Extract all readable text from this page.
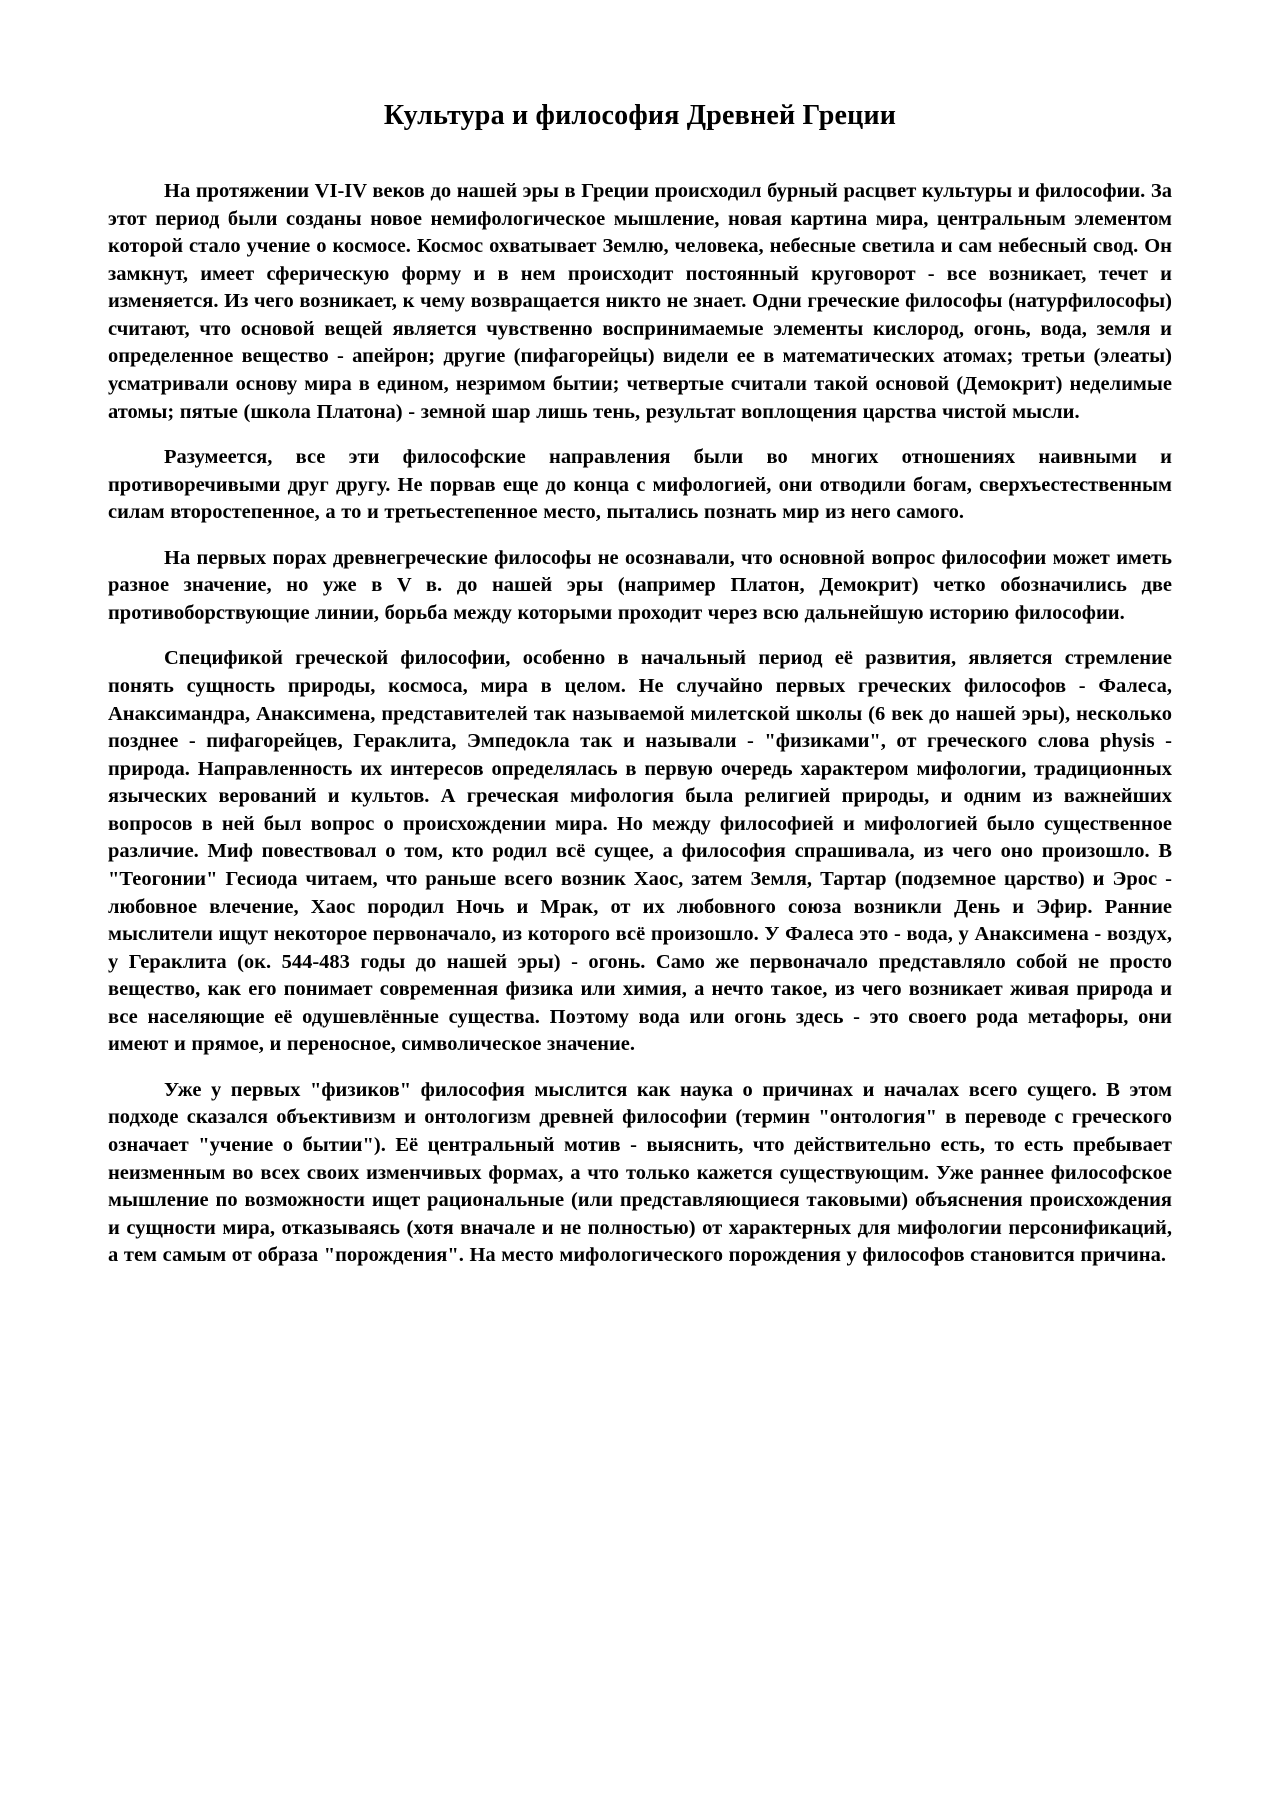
Культура и философия Древней Греции

На протяжении VI-IV веков до нашей эры в Греции происходил бурный расцвет культуры и философии. За этот период были созданы новое немифологическое мышление, новая картина мира, центральным элементом которой стало учение о космосе. Космос охватывает Землю, человека, небесные светила и сам небесный свод. Он замкнут, имеет сферическую форму и в нем происходит постоянный круговорот - все возникает, течет и изменяется. Из чего возникает, к чему возвращается никто не знает. Одни греческие философы (натурфилософы) считают, что основой вещей является чувственно воспринимаемые элементы кислород, огонь, вода, земля и определенное вещество - апейрон; другие (пифагорейцы) видели ее в математических атомах; третьи (элеаты) усматривали основу мира в едином, незримом бытии; четвертые считали такой основой (Демокрит) неделимые атомы; пятые (школа Платона) - земной шар лишь тень, результат воплощения царства чистой мысли.

Разумеется, все эти философские направления были во многих отношениях наивными и противоречивыми друг другу. Не порвав еще до конца с мифологией, они отводили богам, сверхъестественным силам второстепенное, а то и третьестепенное место, пытались познать мир из него самого.

На первых порах древнегреческие философы не осознавали, что основной вопрос философии может иметь разное значение, но уже в V в. до нашей эры (например Платон, Демокрит) четко обозначились две противоборствующие линии, борьба между которыми проходит через всю дальнейшую историю философии.

Спецификой греческой философии, особенно в начальный период её развития, является стремление понять сущность природы, космоса, мира в целом. Не случайно первых греческих философов - Фалеса, Анаксимандра, Анаксимена, представителей так называемой милетской школы (6 век до нашей эры), несколько позднее - пифагорейцев, Гераклита, Эмпедокла так и называли - "физиками", от греческого слова physis - природа. Направленность их интересов определялась в первую очередь характером мифологии, традиционных языческих верований и культов. А греческая мифология была религией природы, и одним из важнейших вопросов в ней был вопрос о происхождении мира. Но между философией и мифологией было существенное различие. Миф повествовал о том, кто родил всё сущее, а философия спрашивала, из чего оно произошло. В "Теогонии" Гесиода читаем, что раньше всего возник Хаос, затем Земля, Тартар (подземное царство) и Эрос - любовное влечение, Хаос породил Ночь и Мрак, от их любовного союза возникли День и Эфир. Ранние мыслители ищут некоторое первоначало, из которого всё произошло. У Фалеса это - вода, у Анаксимена - воздух, у Гераклита (ок. 544-483 годы до нашей эры) - огонь. Само же первоначало представляло собой не просто вещество, как его понимает современная физика или химия, а нечто такое, из чего возникает живая природа и все населяющие её одушевлённые существа. Поэтому вода или огонь здесь - это своего рода метафоры, они имеют и прямое, и переносное, символическое значение.

Уже у первых "физиков" философия мыслится как наука о причинах и началах всего сущего. В этом подходе сказался объективизм и онтологизм древней философии (термин "онтология" в переводе с греческого означает "учение о бытии"). Её центральный мотив - выяснить, что действительно есть, то есть пребывает неизменным во всех своих изменчивых формах, а что только кажется существующим. Уже раннее философское мышление по возможности ищет рациональные (или представляющиеся таковыми) объяснения происхождения и сущности мира, отказываясь (хотя вначале и не полностью) от характерных для мифологии персонификаций, а тем самым от образа "порождения". На место мифологического порождения у философов становится причина.
